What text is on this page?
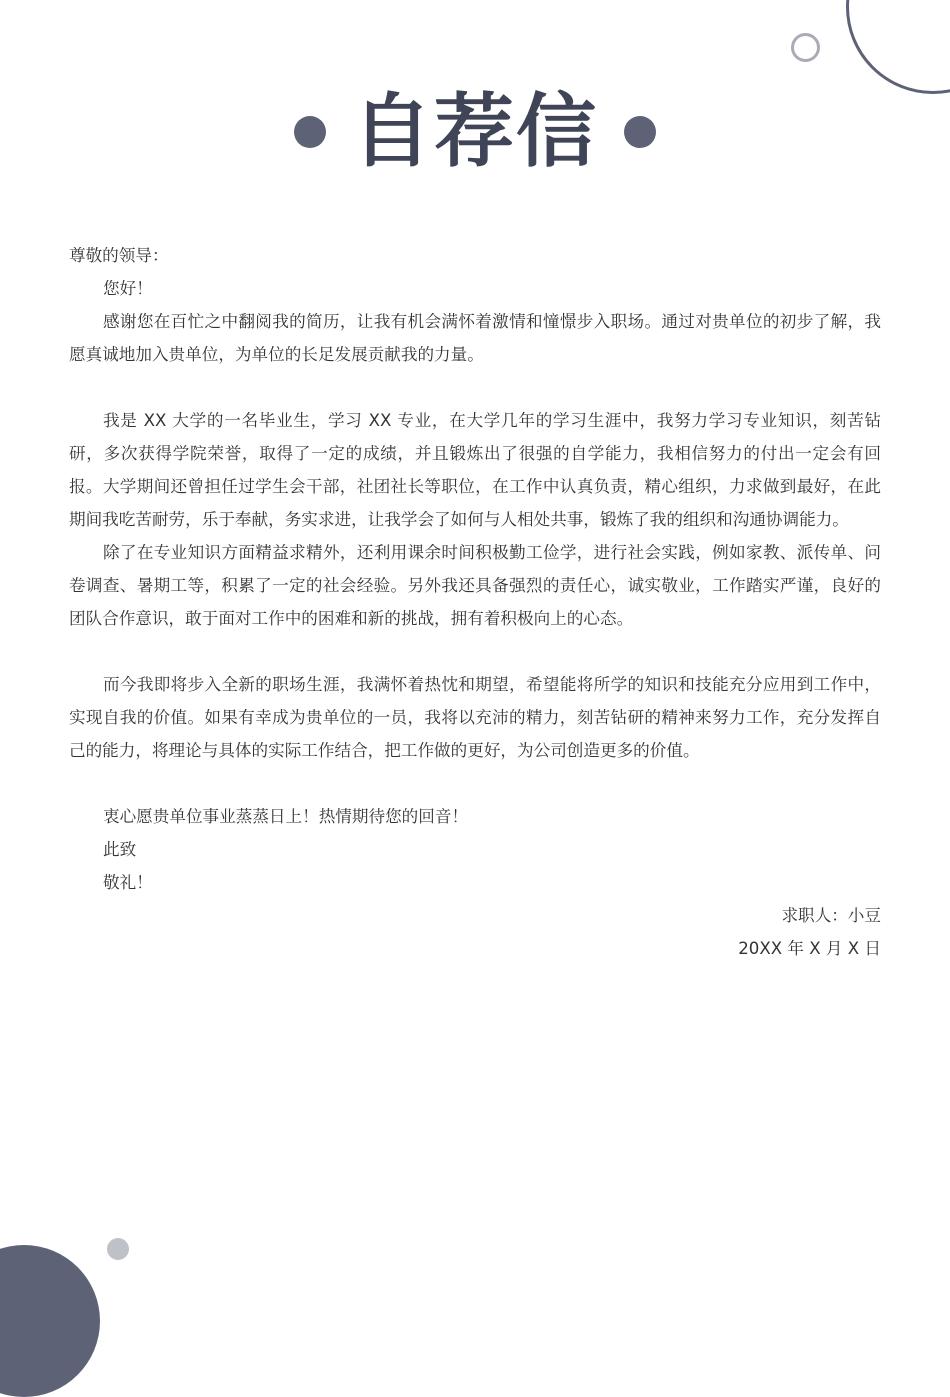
自荐信

尊敬的领导：

您好！

感谢您在百忙之中翻阅我的简历，让我有机会满怀着激情和憧憬步入职场。通过对贵单位的初步了解，我愿真诚地加入贵单位，为单位的长足发展贡献我的力量。

我是 XX 大学的一名毕业生，学习 XX 专业，在大学几年的学习生涯中，我努力学习专业知识，刻苦钻研，多次获得学院荣誉，取得了一定的成绩，并且锻炼出了很强的自学能力，我相信努力的付出一定会有回报。大学期间还曾担任过学生会干部，社团社长等职位，在工作中认真负责，精心组织，力求做到最好，在此期间我吃苦耐劳，乐于奉献，务实求进，让我学会了如何与人相处共事，锻炼了我的组织和沟通协调能力。

除了在专业知识方面精益求精外，还利用课余时间积极勤工俭学，进行社会实践，例如家教、派传单、问卷调查、暑期工等，积累了一定的社会经验。另外我还具备强烈的责任心，诚实敬业，工作踏实严谨，良好的团队合作意识，敢于面对工作中的困难和新的挑战，拥有着积极向上的心态。

而今我即将步入全新的职场生涯，我满怀着热忱和期望，希望能将所学的知识和技能充分应用到工作中，实现自我的价值。如果有幸成为贵单位的一员，我将以充沛的精力，刻苦钻研的精神来努力工作，充分发挥自己的能力，将理论与具体的实际工作结合，把工作做的更好，为公司创造更多的价值。

衷心愿贵单位事业蒸蒸日上！热情期待您的回音！

此致

敬礼！

求职人：小豆

20XX 年 X 月 X 日
